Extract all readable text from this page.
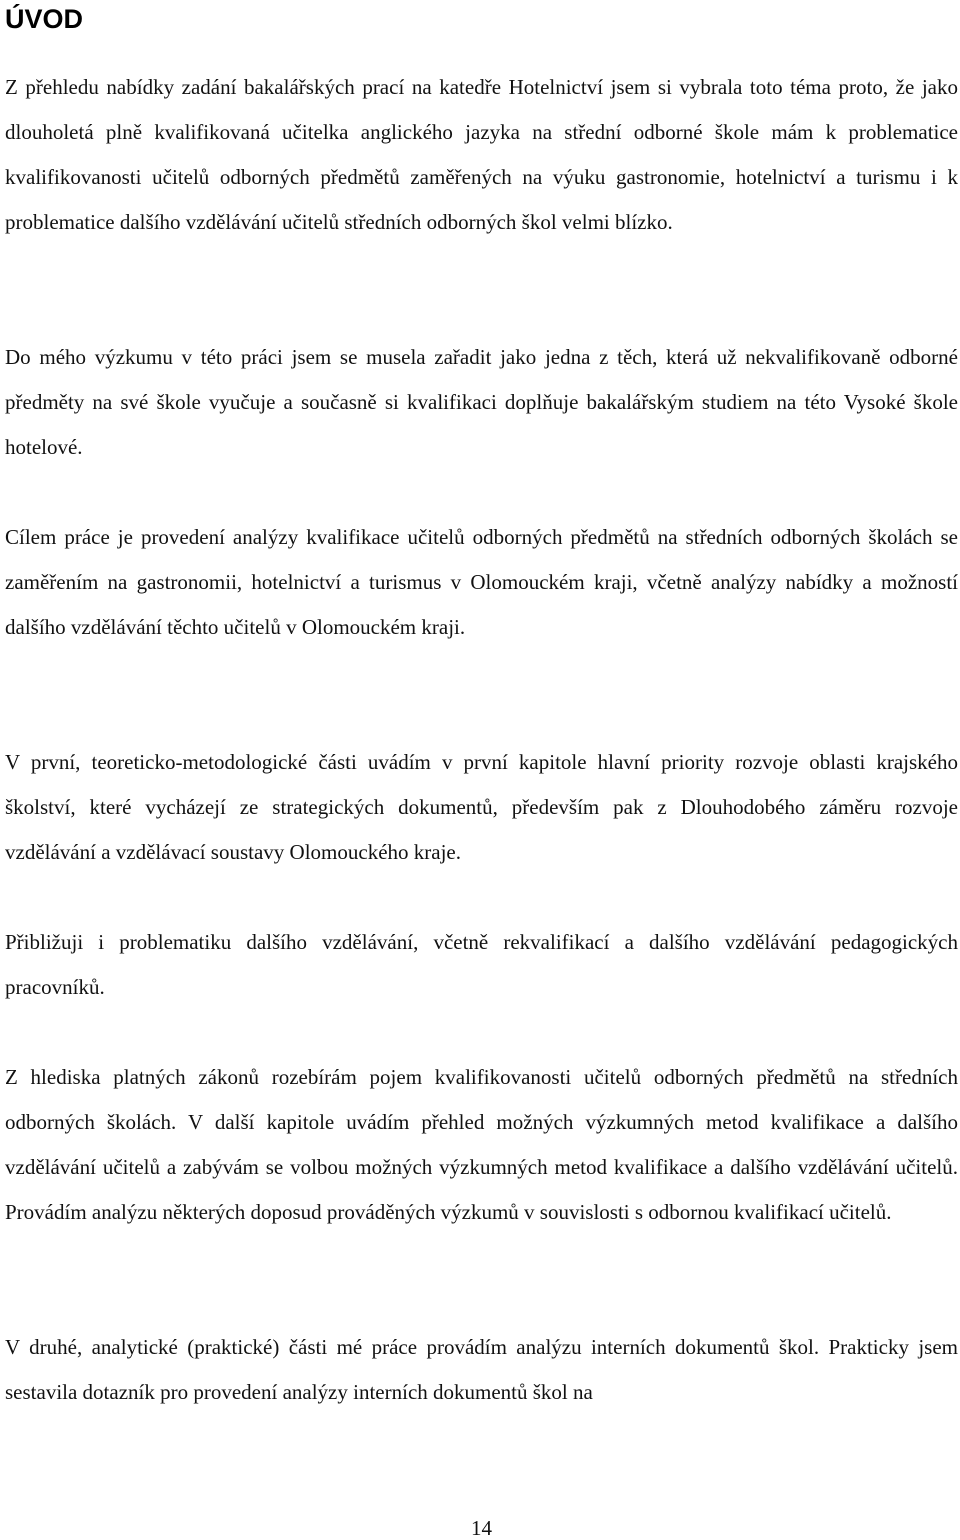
ÚVOD

Z přehledu nabídky zadání bakalářských prací na katedře Hotelnictví jsem si vybrala toto téma proto, že jako dlouholetá plně kvalifikovaná učitelka anglického jazyka na střední odborné škole mám k problematice kvalifikovanosti učitelů odborných předmětů zaměřených na výuku gastronomie, hotelnictví a turismu i k problematice dalšího vzdělávání učitelů středních odborných škol velmi blízko.

Do mého výzkumu v této práci jsem se musela zařadit jako jedna z těch, která už nekvalifikovaně odborné předměty na své škole vyučuje a současně si kvalifikaci doplňuje bakalářským studiem na této Vysoké škole hotelové.

Cílem práce je provedení analýzy kvalifikace učitelů odborných předmětů na středních odborných školách se zaměřením na gastronomii, hotelnictví a turismus v Olomouckém kraji, včetně analýzy nabídky a možností dalšího vzdělávání těchto učitelů v Olomouckém kraji.

V první, teoreticko-metodologické části uvádím v první kapitole hlavní priority rozvoje oblasti krajského školství, které vycházejí ze strategických dokumentů, především pak z Dlouhodobého záměru rozvoje vzdělávání a vzdělávací soustavy Olomouckého kraje.

Přibližuji i problematiku dalšího vzdělávání, včetně rekvalifikací a dalšího vzdělávání pedagogických pracovníků.

Z hlediska platných zákonů rozebírám pojem kvalifikovanosti učitelů odborných předmětů na středních odborných školách. V další kapitole uvádím přehled možných výzkumných metod kvalifikace a dalšího vzdělávání učitelů a zabývám se volbou možných výzkumných metod kvalifikace a dalšího vzdělávání učitelů. Provádím analýzu některých doposud prováděných výzkumů v souvislosti s odbornou kvalifikací učitelů.

V druhé, analytické (praktické) části mé práce provádím analýzu interních dokumentů škol. Prakticky jsem sestavila dotazník pro provedení analýzy interních dokumentů škol na

14
